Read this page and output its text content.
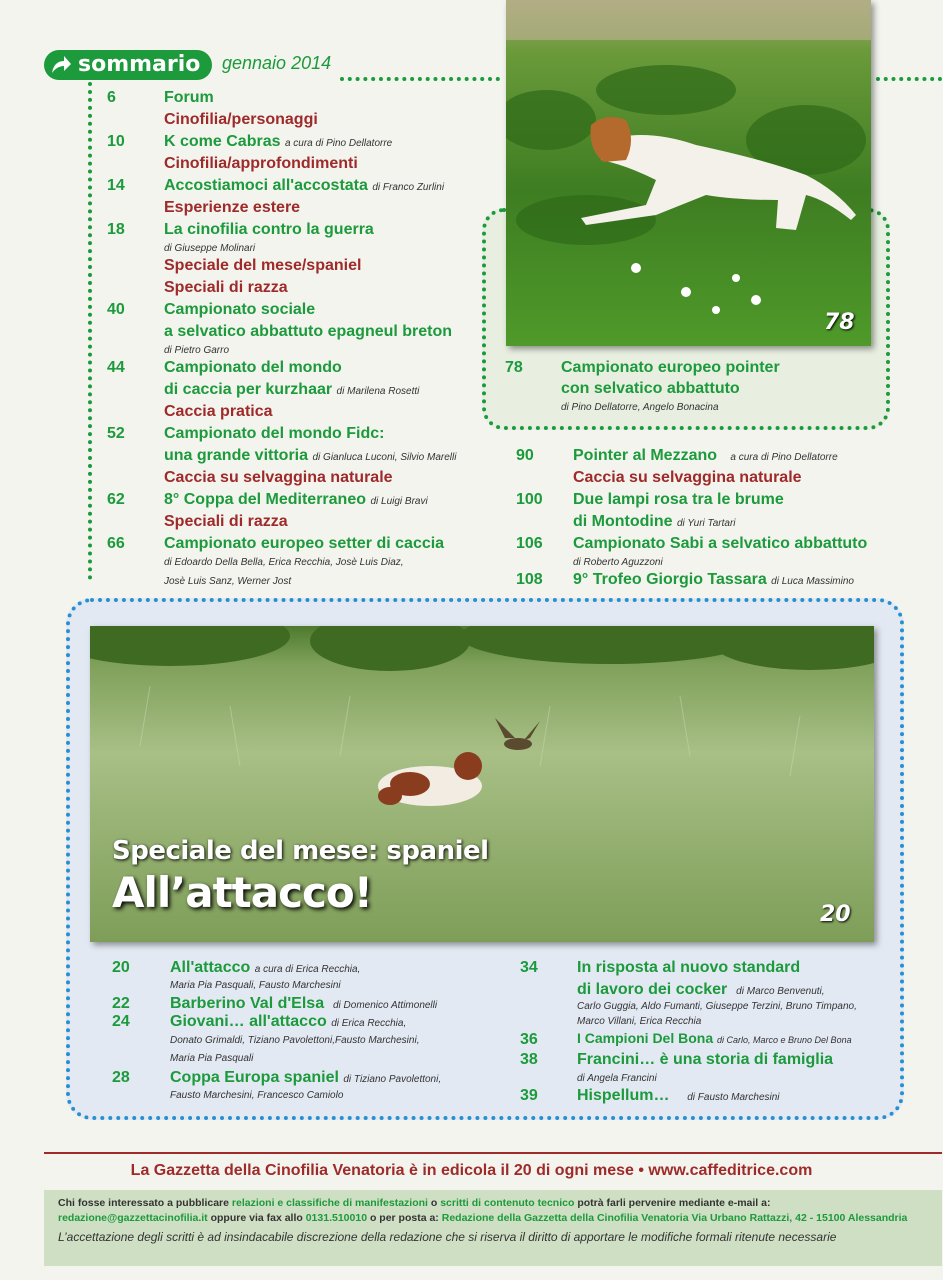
sommario gennaio 2014
78
6	Forum
Cinofilia/personaggi
10 K come Cabras a cura di Pino Dellatorre
Cinofilia/approfondimenti
14 Accostiamoci all'accostata di Franco Zurlini
Esperienze estere
18 La cinofilia contro la guerra
di Giuseppe Molinari
Speciale del mese/spaniel
Speciali di razza
40 Campionato sociale
a selvatico abbattuto epagneul breton
di Pietro Garro
44 Campionato del mondo
di caccia per kurzhaar di Marilena Rosetti
Caccia pratica
52 Campionato del mondo Fidc:
una grande vittoria di Gianluca Luconi, Silvio Marelli
Caccia su selvaggina naturale
62 8° Coppa del Mediterraneo di Luigi Bravi
Speciali di razza
66 Campionato europeo setter di caccia
di Edoardo Della Bella, Erica Recchia, Josè Luis Diaz,
Josè Luis Sanz, Werner Jost
78 Campionato europeo pointer
con selvatico abbattuto
di Pino Dellatorre, Angelo Bonacina
90 Pointer al Mezzano a cura di Pino Dellatorre
Caccia su selvaggina naturale
100 Due lampi rosa tra le brume
di Montodine di Yuri Tartari
106 Campionato Sabi a selvatico abbattuto
di Roberto Aguzzoni
108 9° Trofeo Giorgio Tassara di Luca Massimino
Speciale del mese: spaniel
All’attacco!	20
20	All'attacco a cura di Erica Recchia,
Maria Pia Pasquali, Fausto Marchesini
22	Barberino Val d'Elsa di Domenico Attimonelli
24	Giovani… all'attacco di Erica Recchia,
Donato Grimaldi, Tiziano Pavolettoni,Fausto Marchesini,
Maria Pia Pasquali
28	Coppa Europa spaniel di Tiziano Pavolettoni,
Fausto Marchesini, Francesco Camiolo
34 In risposta al nuovo standard
di lavoro dei cocker di Marco Benvenuti,
Carlo Guggia, Aldo Fumanti, Giuseppe Terzini, Bruno Timpano,
Marco Villani, Erica Recchia
36	I Campioni Del Bona di Carlo, Marco e Bruno Del Bona
38 Francini… è una storia di famiglia
di Angela Francini
39 Hispellum… di Fausto Marchesini
La Gazzetta della Cinofilia Venatoria è in edicola il 20 di ogni mese • www.caffeditrice.com
Chi fosse interessato a pubblicare relazioni e classifiche di manifestazioni o scritti di contenuto tecnico potrà farli pervenire mediante e-mail a:
redazione@gazzettacinofilia.it oppure via fax allo 0131.510010 o per posta a: Redazione della Gazzetta della Cinofilia Venatoria Via Urbano Rattazzi, 42 - 15100 Alessandria
L’accettazione degli scritti è ad insindacabile discrezione della redazione che si riserva il diritto di apportare le modifiche formali ritenute necessarie
